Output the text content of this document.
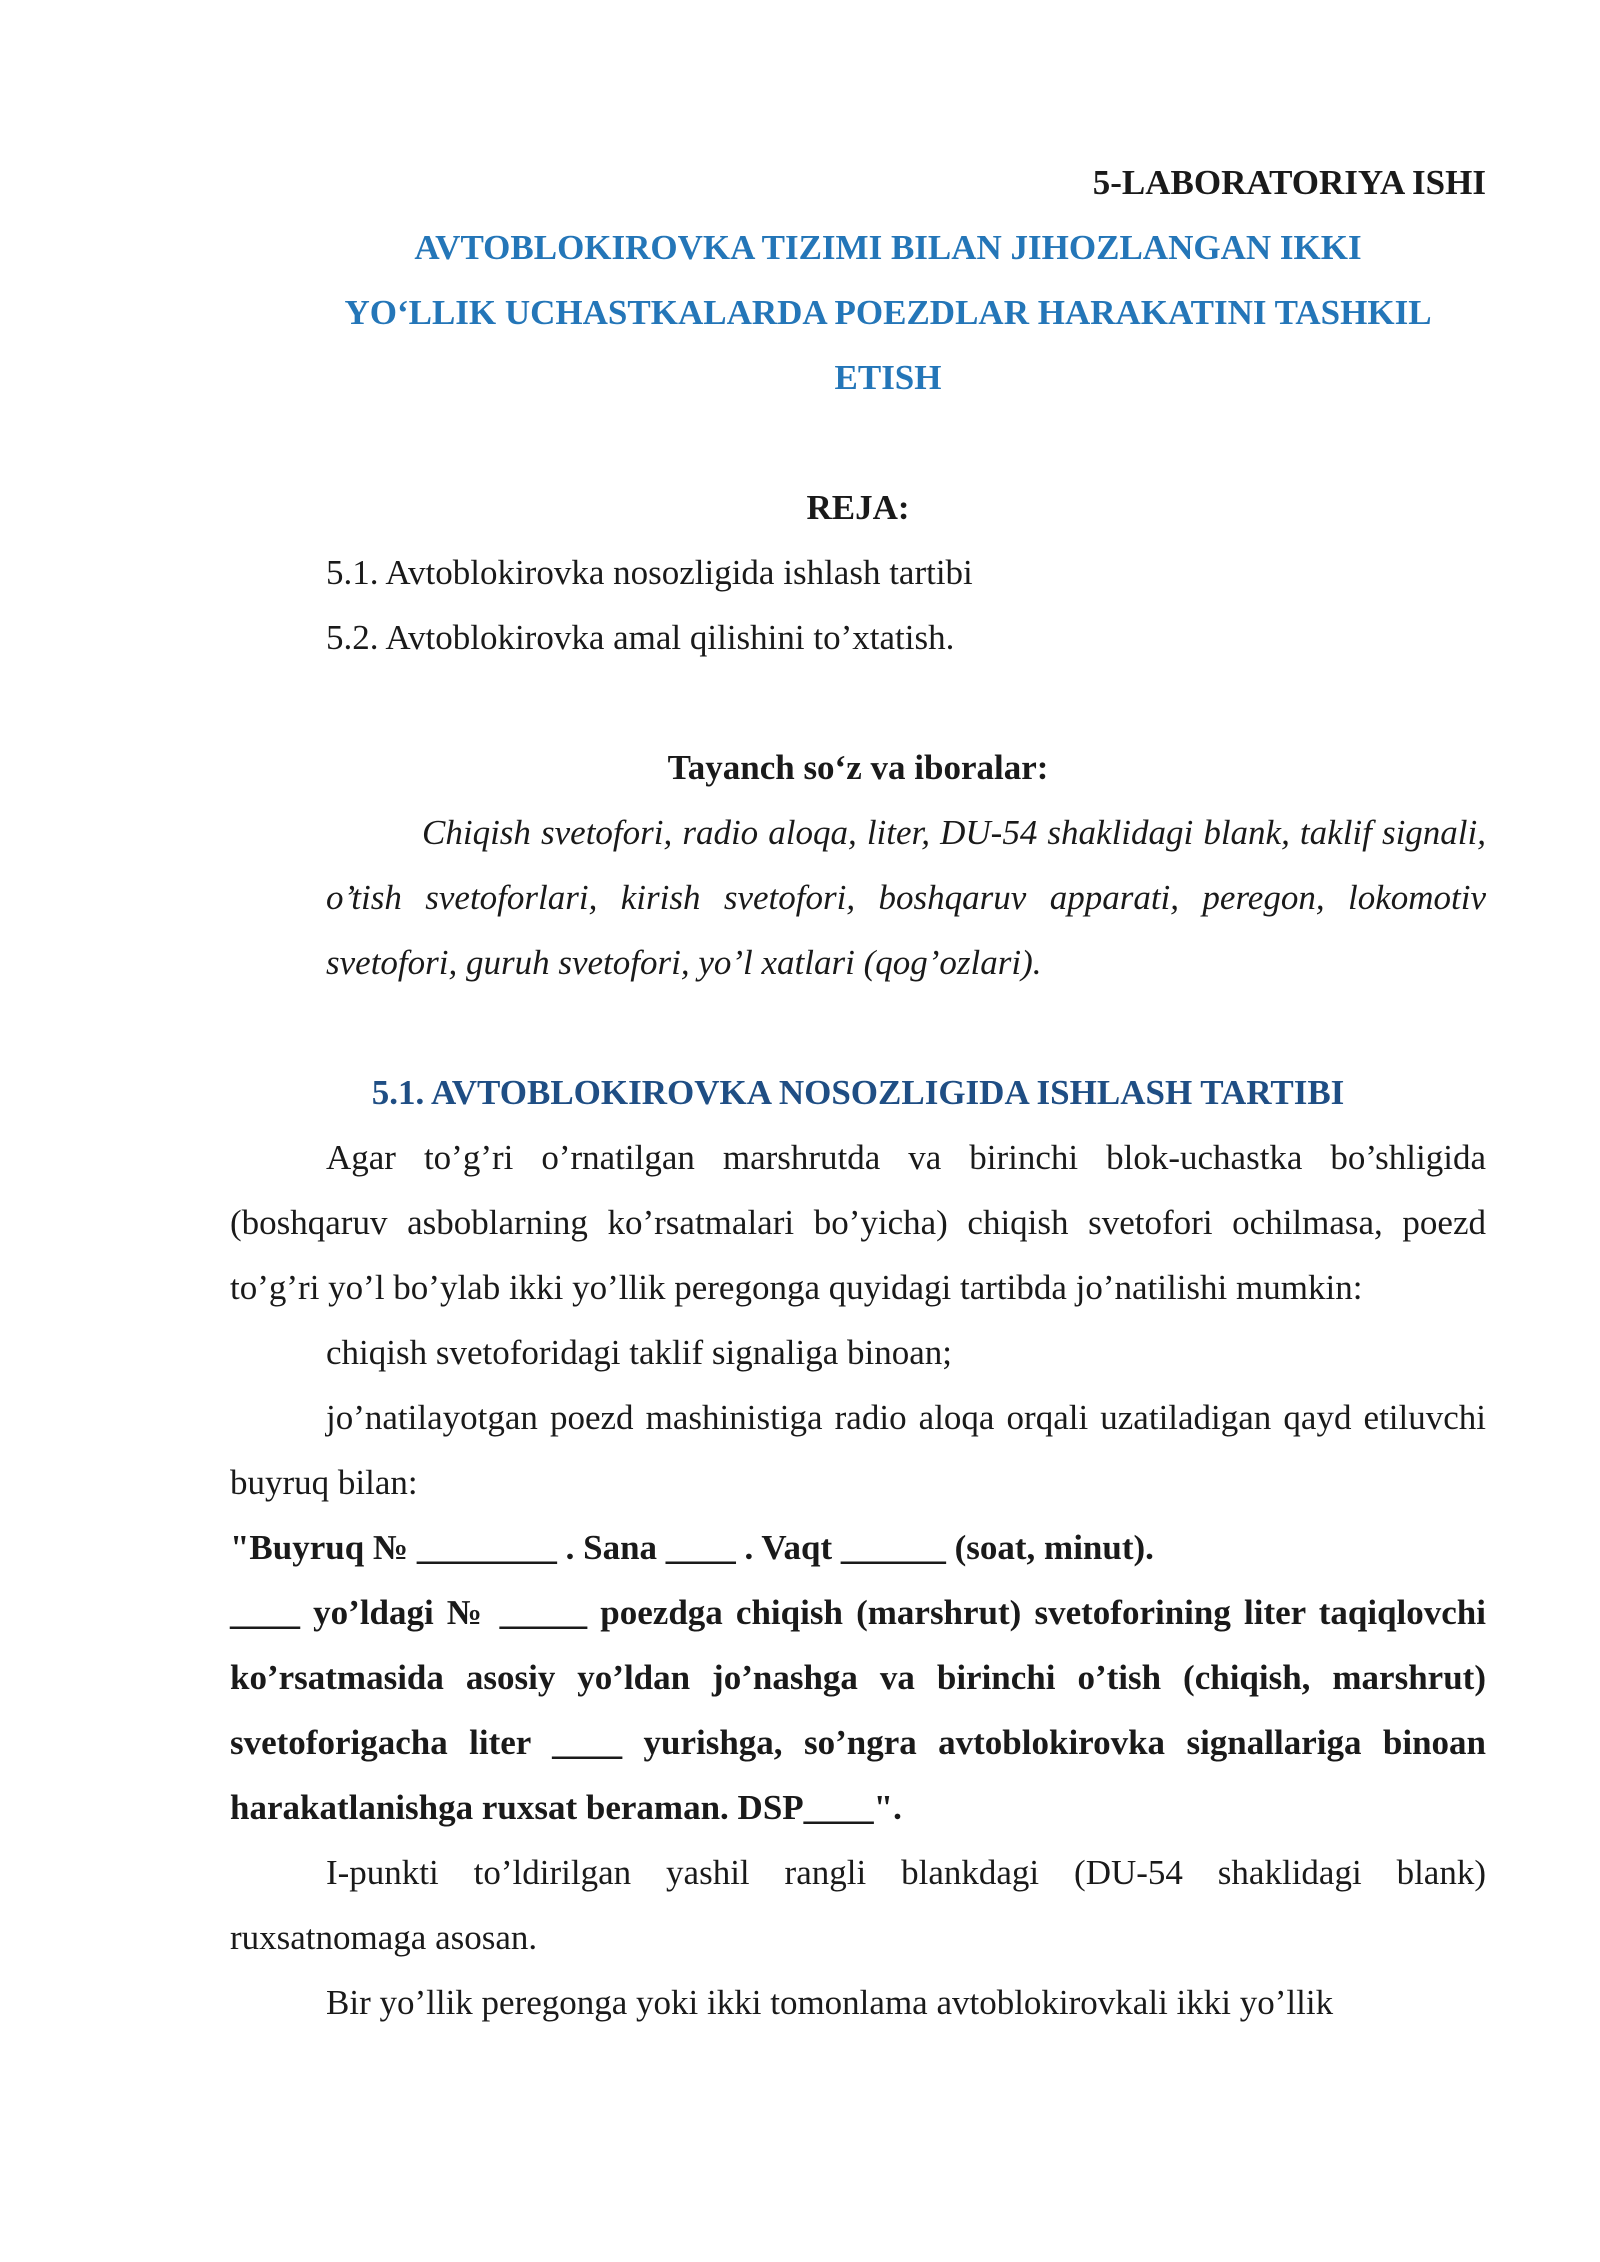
5-LABORATORIYA ISHI

AVTOBLOKIROVKA TIZIMI BILAN JIHOZLANGAN IKKI

YO‘LLIK UCHASTKALARDA POEZDLAR HARAKATINI TASHKIL

ETISH

REJA:

5.1. Avtoblokirovka nosozligida ishlash tartibi

5.2. Avtoblokirovka amal qilishini to’xtatish.

Tayanch so‘z va iboralar:

Chiqish svetofori, radio aloqa, liter, DU-54 shaklidagi blank, taklif signali, o’tish svetoforlari, kirish svetofori, boshqaruv apparati, peregon, lokomotiv svetofori, guruh svetofori, yo’l xatlari (qog’ozlari).

5.1. AVTOBLOKIROVKA NOSOZLIGIDA ISHLASH TARTIBI

Agar to’g’ri o’rnatilgan marshrutda va birinchi blok-uchastka bo’shligida (boshqaruv asboblarning ko’rsatmalari bo’yicha) chiqish svetofori ochilmasa, poezd to’g’ri yo’l bo’ylab ikki yo’llik peregonga quyidagi tartibda jo’natilishi mumkin:

chiqish svetoforidagi taklif signaliga binoan;

jo’natilayotgan poezd mashinistiga radio aloqa orqali uzatiladigan qayd etiluvchi buyruq bilan:

"Buyruq № ________ . Sana ____ . Vaqt ______ (soat, minut).

____ yo’ldagi № _____ poezdga chiqish (marshrut) svetoforining liter taqiqlovchi ko’rsatmasida asosiy yo’ldan jo’nashga va birinchi o’tish (chiqish, marshrut) svetoforigacha liter ____ yurishga, so’ngra avtoblokirovka signallariga binoan harakatlanishga ruxsat beraman. DSP____".

I-punkti to’ldirilgan yashil rangli blankdagi (DU-54 shaklidagi blank) ruxsatnomaga asosan.

Bir yo’llik peregonga yoki ikki tomonlama avtoblokirovkali ikki yo’llik
